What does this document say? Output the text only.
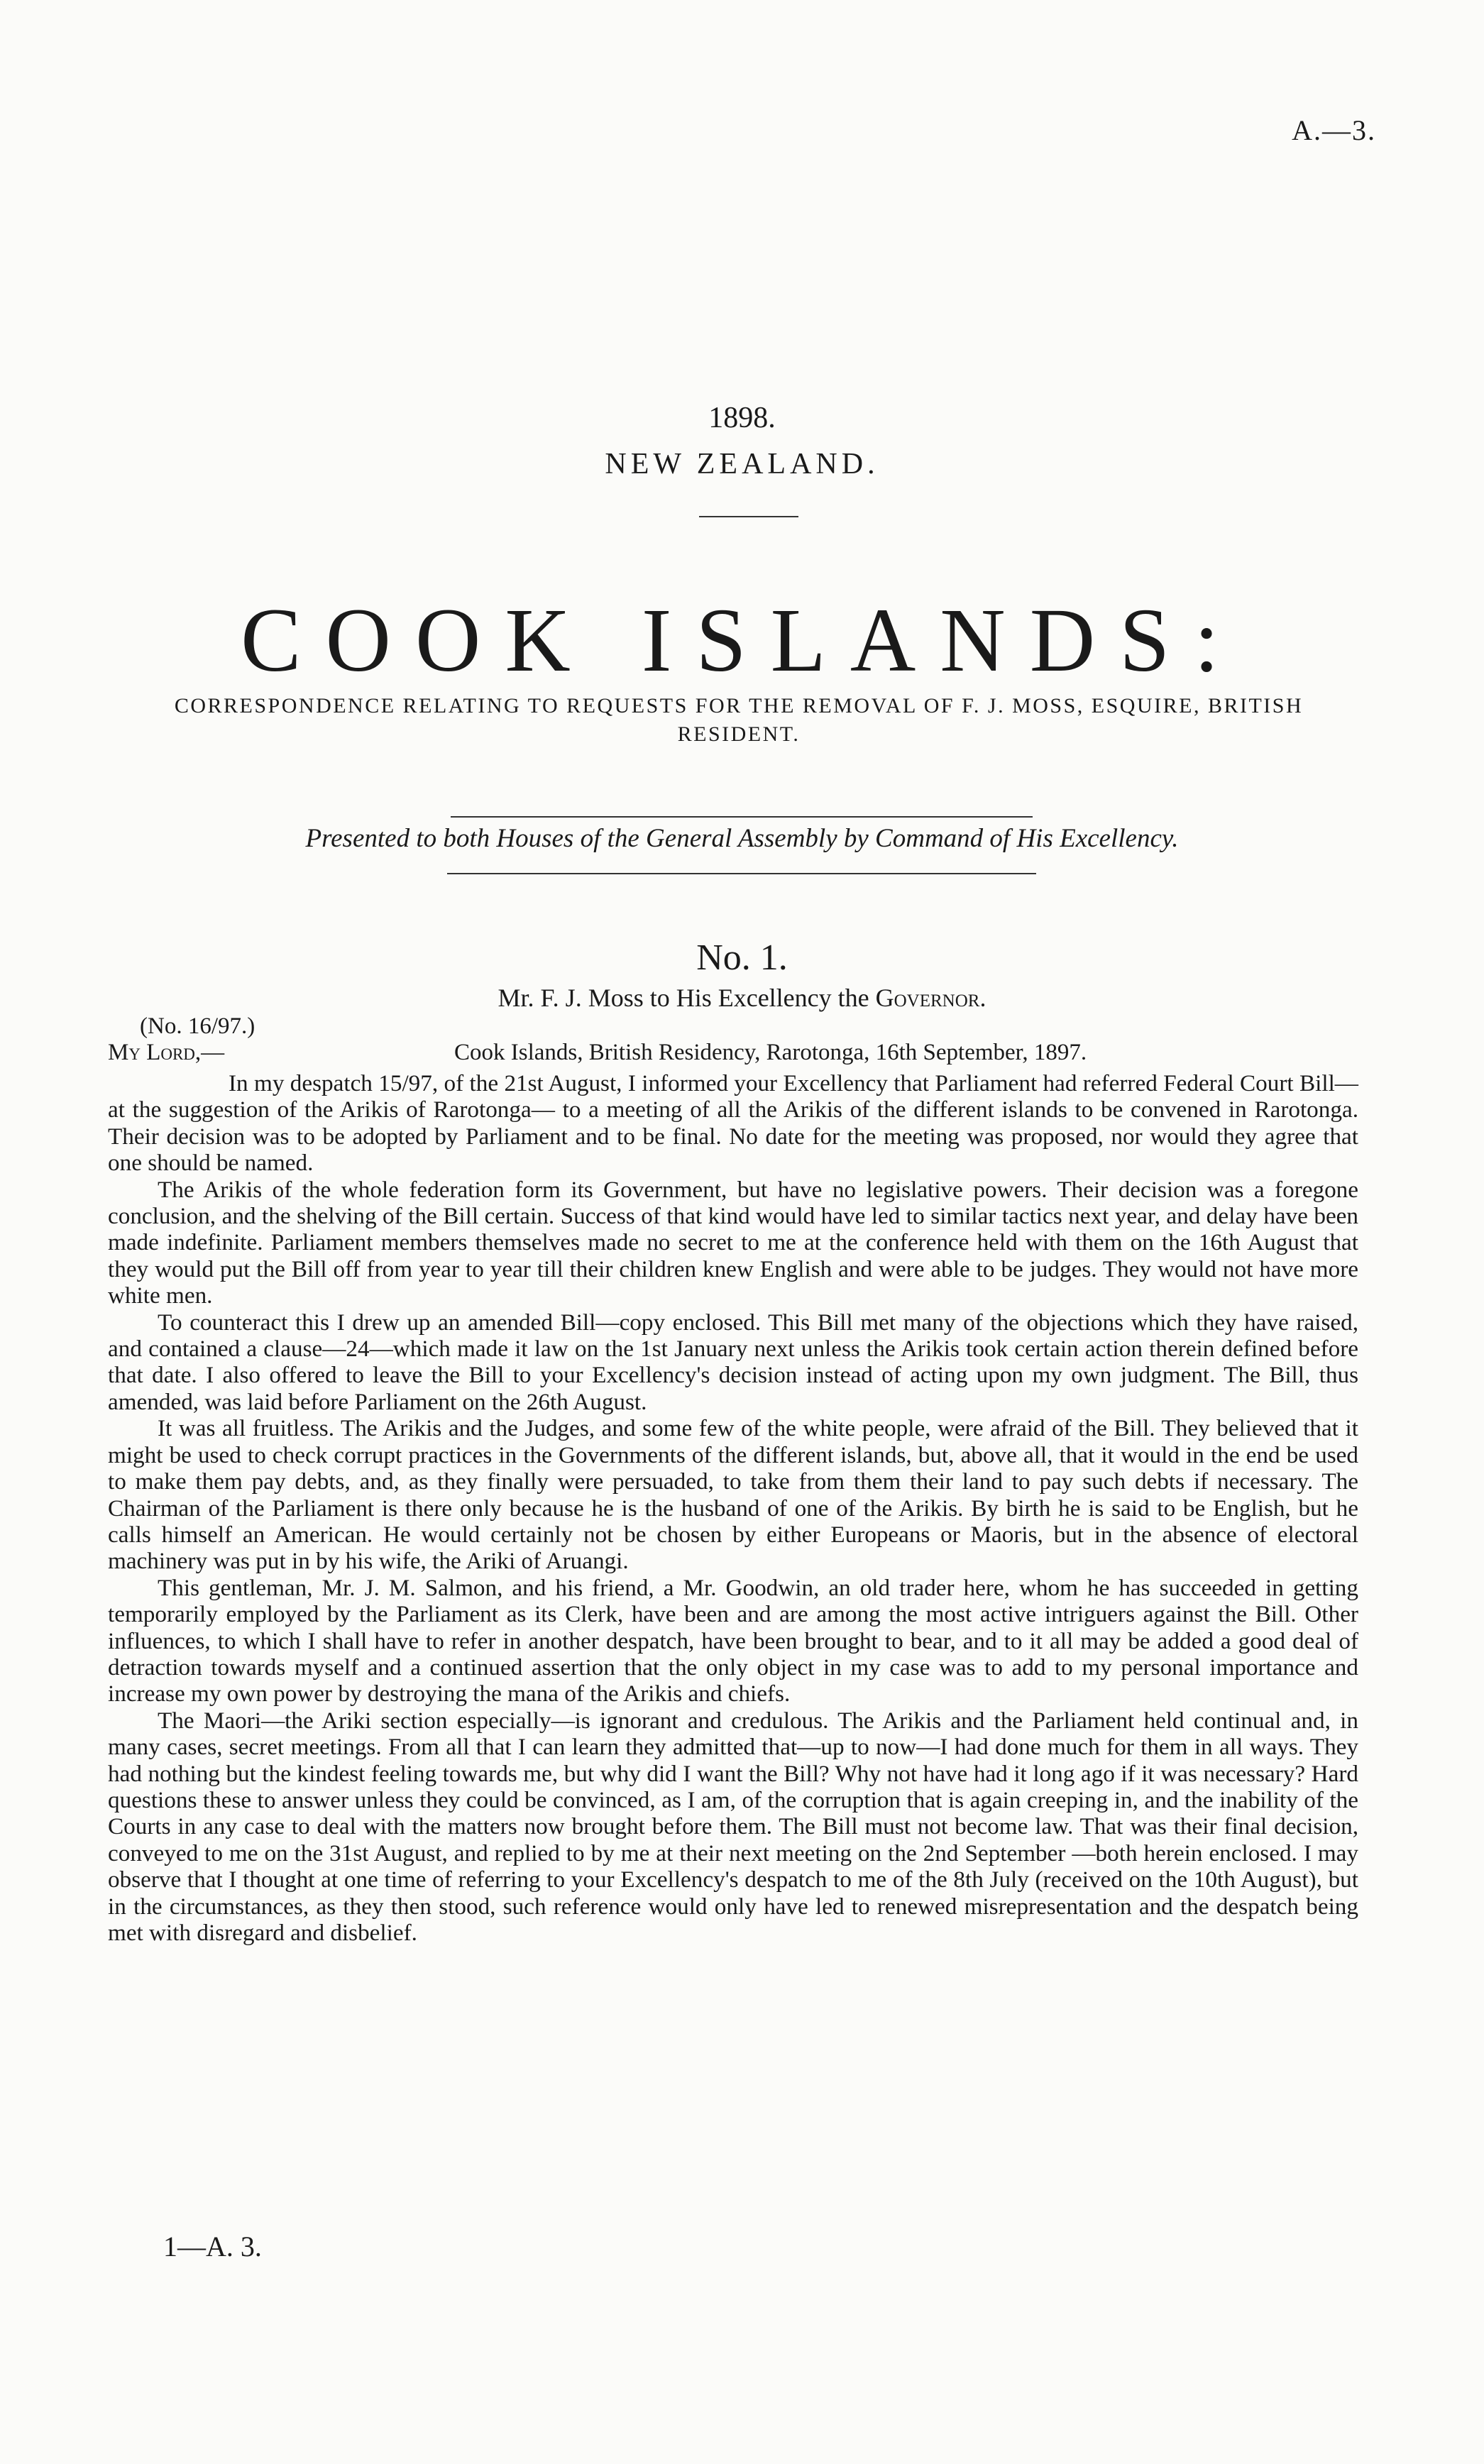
A.—3.
1898.
NEW ZEALAND.
COOK ISLANDS:
CORRESPONDENCE RELATING TO REQUESTS FOR THE REMOVAL OF F. J. MOSS, ESQUIRE, BRITISH RESIDENT.
Presented to both Houses of the General Assembly by Command of His Excellency.
No. 1.
Mr. F. J. Moss to His Excellency the Governor.
(No. 16/97.)
My Lord,—	Cook Islands, British Residency, Rarotonga, 16th September, 1897.

In my despatch 15/97, of the 21st August, I informed your Excellency that Parliament had referred Federal Court Bill—at the suggestion of the Arikis of Rarotonga— to a meeting of all the Arikis of the different islands to be convened in Rarotonga. Their decision was to be adopted by Parliament and to be final. No date for the meeting was proposed, nor would they agree that one should be named.

The Arikis of the whole federation form its Government, but have no legislative powers. Their decision was a foregone conclusion, and the shelving of the Bill certain. Success of that kind would have led to similar tactics next year, and delay have been made indefinite. Parliament members themselves made no secret to me at the conference held with them on the 16th August that they would put the Bill off from year to year till their children knew English and were able to be judges. They would not have more white men.

To counteract this I drew up an amended Bill—copy enclosed. This Bill met many of the objections which they have raised, and contained a clause—24—which made it law on the 1st January next unless the Arikis took certain action therein defined before that date. I also offered to leave the Bill to your Excellency's decision instead of acting upon my own judgment. The Bill, thus amended, was laid before Parliament on the 26th August.

It was all fruitless. The Arikis and the Judges, and some few of the white people, were afraid of the Bill. They believed that it might be used to check corrupt practices in the Governments of the different islands, but, above all, that it would in the end be used to make them pay debts, and, as they finally were persuaded, to take from them their land to pay such debts if necessary. The Chairman of the Parliament is there only because he is the husband of one of the Arikis. By birth he is said to be English, but he calls himself an American. He would certainly not be chosen by either Europeans or Maoris, but in the absence of electoral machinery was put in by his wife, the Ariki of Aruangi.

This gentleman, Mr. J. M. Salmon, and his friend, a Mr. Goodwin, an old trader here, whom he has succeeded in getting temporarily employed by the Parliament as its Clerk, have been and are among the most active intriguers against the Bill. Other influences, to which I shall have to refer in another despatch, have been brought to bear, and to it all may be added a good deal of detraction towards myself and a continued assertion that the only object in my case was to add to my personal importance and increase my own power by destroying the mana of the Arikis and chiefs.

The Maori—the Ariki section especially—is ignorant and credulous. The Arikis and the Parliament held continual and, in many cases, secret meetings. From all that I can learn they admitted that—up to now—I had done much for them in all ways. They had nothing but the kindest feeling towards me, but why did I want the Bill? Why not have had it long ago if it was necessary? Hard questions these to answer unless they could be convinced, as I am, of the corruption that is again creeping in, and the inability of the Courts in any case to deal with the matters now brought before them. The Bill must not become law. That was their final decision, conveyed to me on the 31st August, and replied to by me at their next meeting on the 2nd September —both herein enclosed. I may observe that I thought at one time of referring to your Excellency's despatch to me of the 8th July (received on the 10th August), but in the circumstances, as they then stood, such reference would only have led to renewed misrepresentation and the despatch being met with disregard and disbelief.

1—A. 3.
